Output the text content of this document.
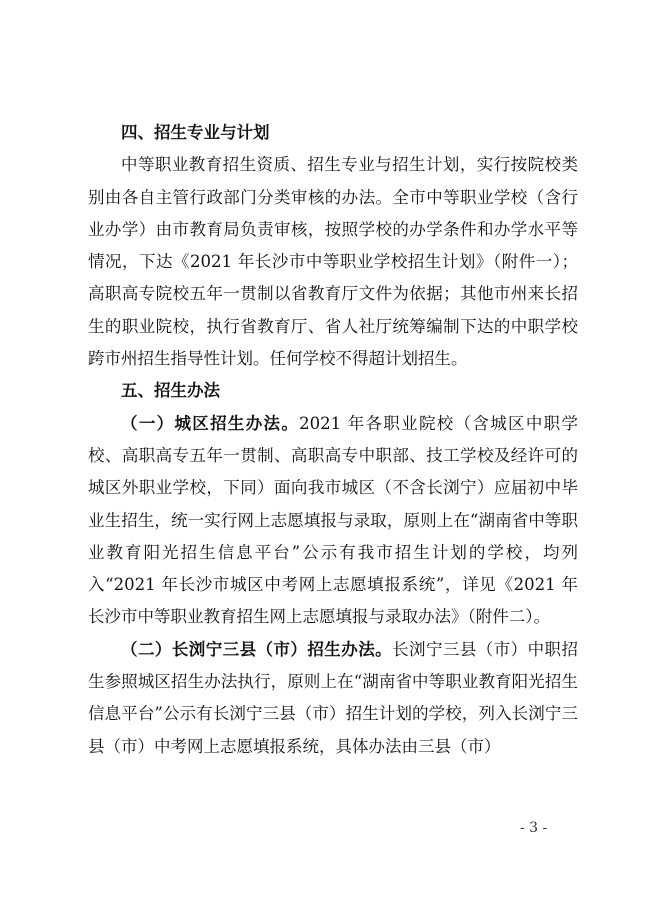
四、招生专业与计划

中等职业教育招生资质、招生专业与招生计划，实行按院校类别由各自主管行政部门分类审核的办法。全市中等职业学校（含行业办学）由市教育局负责审核，按照学校的办学条件和办学水平等情况，下达《2021 年长沙市中等职业学校招生计划》（附件一）；高职高专院校五年一贯制以省教育厅文件为依据；其他市州来长招生的职业院校，执行省教育厅、省人社厅统筹编制下达的中职学校跨市州招生指导性计划。任何学校不得超计划招生。

五、招生办法

（一）城区招生办法。2021 年各职业院校（含城区中职学校、高职高专五年一贯制、高职高专中职部、技工学校及经许可的城区外职业学校，下同）面向我市城区（不含长浏宁）应届初中毕业生招生，统一实行网上志愿填报与录取，原则上在“湖南省中等职业教育阳光招生信息平台”公示有我市招生计划的学校，均列入“2021 年长沙市城区中考网上志愿填报系统”，详见《2021 年长沙市中等职业教育招生网上志愿填报与录取办法》（附件二）。

（二）长浏宁三县（市）招生办法。长浏宁三县（市）中职招生参照城区招生办法执行，原则上在“湖南省中等职业教育阳光招生信息平台”公示有长浏宁三县（市）招生计划的学校，列入长浏宁三县（市）中考网上志愿填报系统，具体办法由三县（市）

- 3 -
